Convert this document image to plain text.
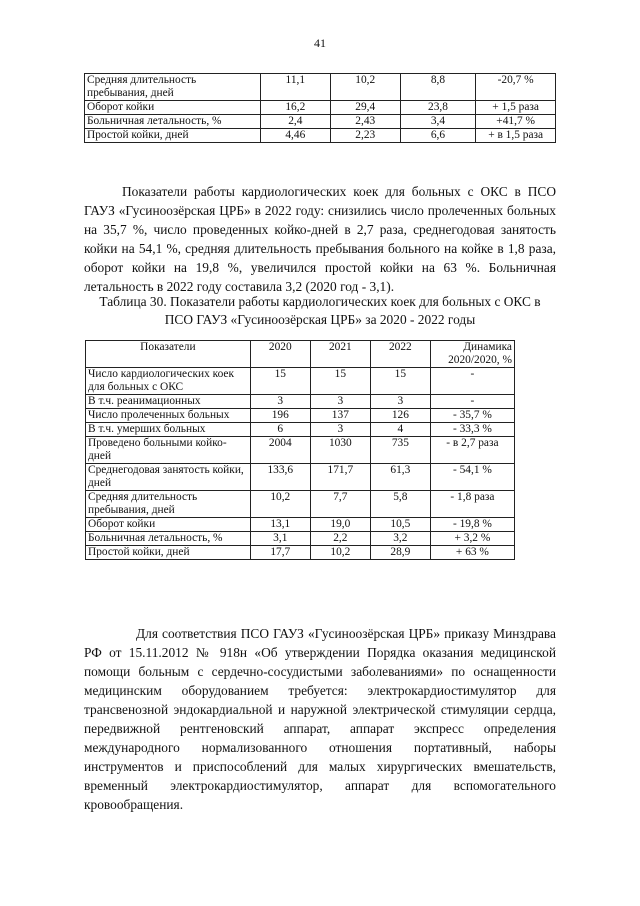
41
Средняя длительность пребывания, дней	11,1	10,2	8,8	-20,7 %
Оборот койки	16,2	29,4	23,8	+ 1,5 раза
Больничная летальность, %	2,4	2,43	3,4	+41,7 %
Простой койки, дней	4,46	2,23	6,6	+ в 1,5 раза

Показатели работы кардиологических коек для больных с ОКС в ПСО ГАУЗ «Гусиноозёрская ЦРБ» в 2022 году: снизились число пролеченных больных на 35,7 %, число проведенных койко-дней в 2,7 раза, среднегодовая занятость койки на 54,1 %, средняя длительность пребывания больного на койке в 1,8 раза, оборот койки на 19,8 %, увеличился простой койки на 63 %. Больничная летальность в 2022 году составила 3,2 (2020 год - 3,1).

Таблица 30. Показатели работы кардиологических коек для больных с ОКС в ПСО ГАУЗ «Гусиноозёрская ЦРБ» за 2020 - 2022 годы

Показатели	2020	2021	2022	Динамика 2020/2020, %
Число кардиологических коек для больных с ОКС	15	15	15	-
В т.ч. реанимационных	3	3	3	-
Число пролеченных больных	196	137	126	- 35,7 %
В т.ч. умерших больных	6	3	4	- 33,3 %
Проведено больными койко-дней	2004	1030	735	- в 2,7 раза
Среднегодовая занятость койки, дней	133,6	171,7	61,3	- 54,1 %
Средняя длительность пребывания, дней	10,2	7,7	5,8	- 1,8 раза
Оборот койки	13,1	19,0	10,5	- 19,8 %
Больничная летальность, %	3,1	2,2	3,2	+ 3,2 %
Простой койки, дней	17,7	10,2	28,9	+ 63 %

Для соответствия ПСО ГАУЗ «Гусиноозёрская ЦРБ» приказу Минздрава РФ от 15.11.2012 № 918н «Об утверждении Порядка оказания медицинской помощи больным с сердечно-сосудистыми заболеваниями» по оснащенности медицинским оборудованием требуется: электрокардиостимулятор для трансвенозной эндокардиальной и наружной электрической стимуляции сердца, передвижной рентгеновский аппарат, аппарат экспресс определения международного нормализованного отношения портативный, наборы инструментов и приспособлений для малых хирургических вмешательств, временный электрокардиостимулятор, аппарат для вспомогательного кровообращения.
